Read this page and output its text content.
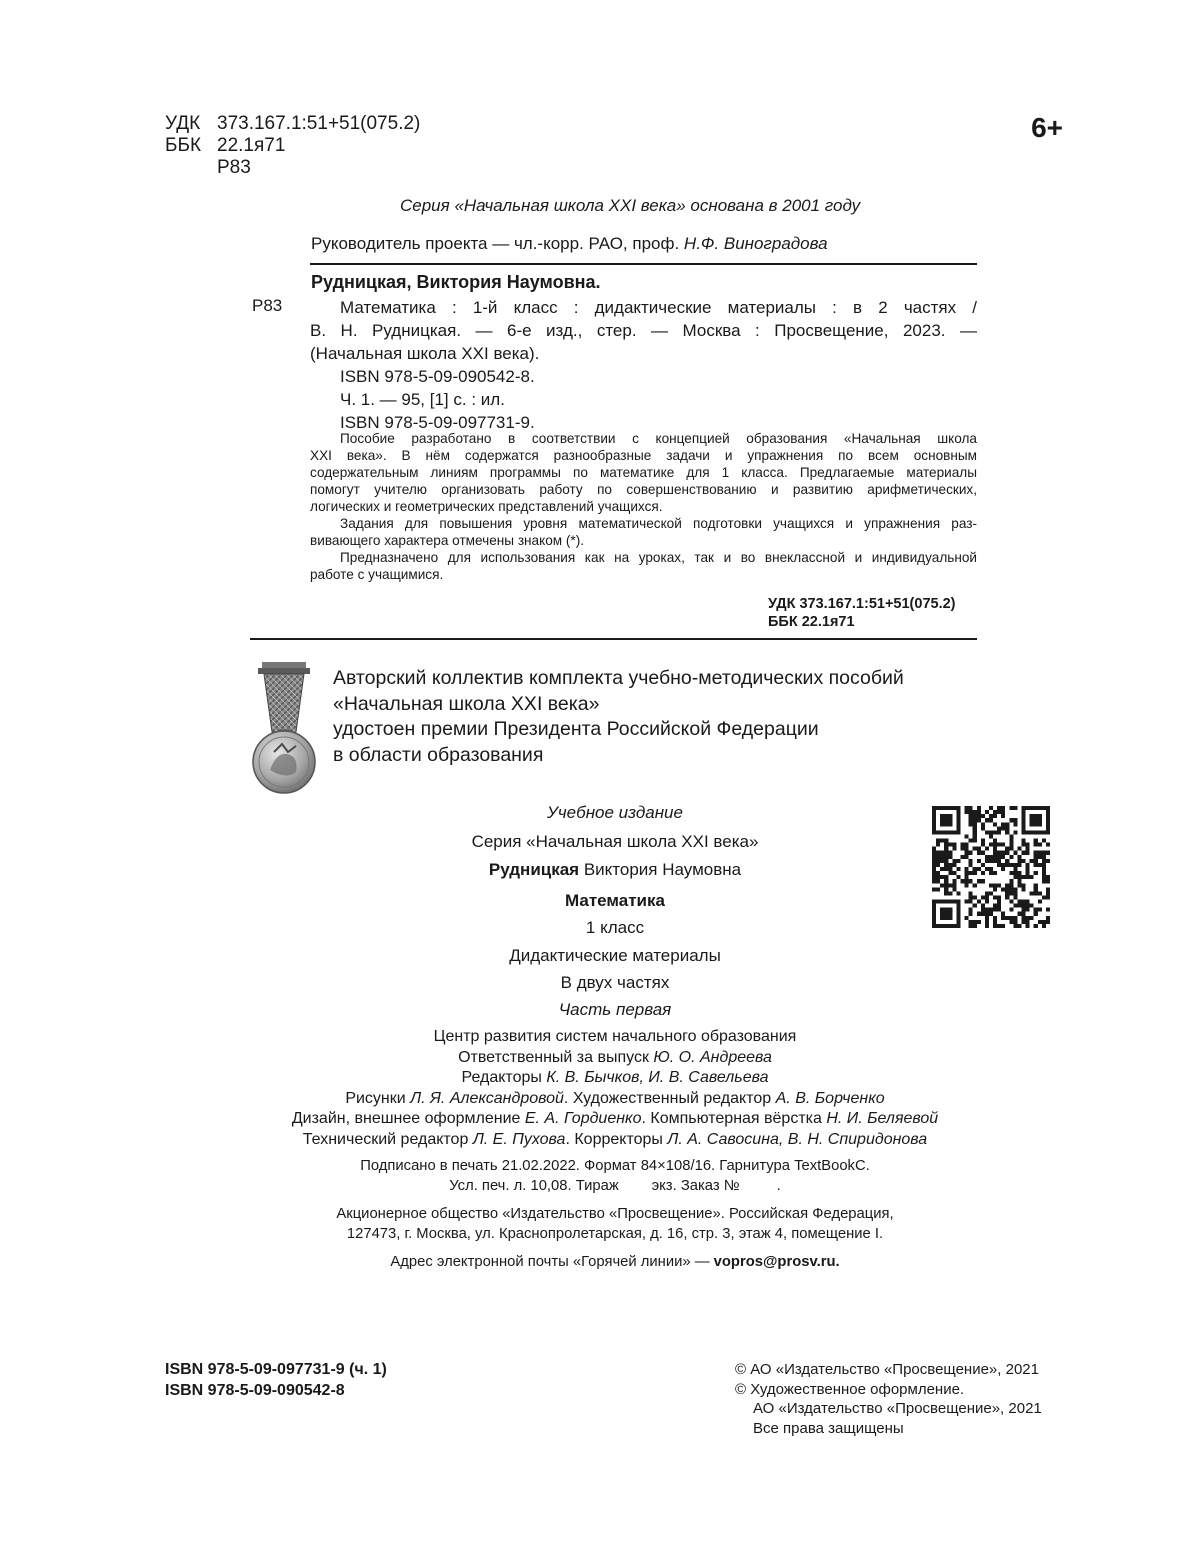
УДК 373.167.1:51+51(075.2)
ББК 22.1я71
Р83
6+
Серия «Начальная школа XXI века» основана в 2001 году
Руководитель проекта — чл.-корр. РАО, проф. Н.Ф. Виноградова
Рудницкая, Виктория Наумовна.
Р83	Математика : 1-й класс : дидактические материалы : в 2 частях /
В. Н. Рудницкая. — 6-е изд., стер. — Москва : Просвещение, 2023. —
(Начальная школа XXI века).
ISBN 978-5-09-090542-8.
Ч. 1. — 95, [1] с. : ил.
ISBN 978-5-09-097731-9.
Пособие разработано в соответствии с концепцией образования «Начальная школа
XXI века». В нём содержатся разнообразные задачи и упражнения по всем основным
содержательным линиям программы по математике для 1 класса. Предлагаемые материалы
помогут учителю организовать работу по совершенствованию и развитию арифметических,
логических и геометрических представлений учащихся.
Задания для повышения уровня математической подготовки учащихся и упражнения раз-
вивающего характера отмечены знаком (*).
Предназначено для использования как на уроках, так и во внеклассной и индивидуальной
работе с учащимися.
УДК 373.167.1:51+51(075.2)
ББК 22.1я71
Авторский коллектив комплекта учебно-методических пособий
«Начальная школа XXI века»
удостоен премии Президента Российской Федерации
в области образования
Учебное издание
Серия «Начальная школа XXI века»
Рудницкая Виктория Наумовна
Математика
1 класс
Дидактические материалы
В двух частях
Часть первая
Центр развития систем начального образования
Ответственный за выпуск Ю. О. Андреева
Редакторы К. В. Бычков, И. В. Савельева
Рисунки Л. Я. Александровой. Художественный редактор А. В. Борченко
Дизайн, внешнее оформление Е. А. Гордиенко. Компьютерная вёрстка Н. И. Беляевой
Технический редактор Л. Е. Пухова. Корректоры Л. А. Савосина, В. Н. Спиридонова
Подписано в печать 21.02.2022. Формат 84×108/16. Гарнитура TextBookC.
Усл. печ. л. 10,08. Тираж        экз. Заказ №         .
Акционерное общество «Издательство «Просвещение». Российская Федерация,
127473, г. Москва, ул. Краснопролетарская, д. 16, стр. 3, этаж 4, помещение I.
Адрес электронной почты «Горячей линии» — vopros@prosv.ru.
ISBN 978-5-09-097731-9 (ч. 1)
ISBN 978-5-09-090542-8
© АО «Издательство «Просвещение», 2021
© Художественное оформление.
АО «Издательство «Просвещение», 2021
Все права защищены
